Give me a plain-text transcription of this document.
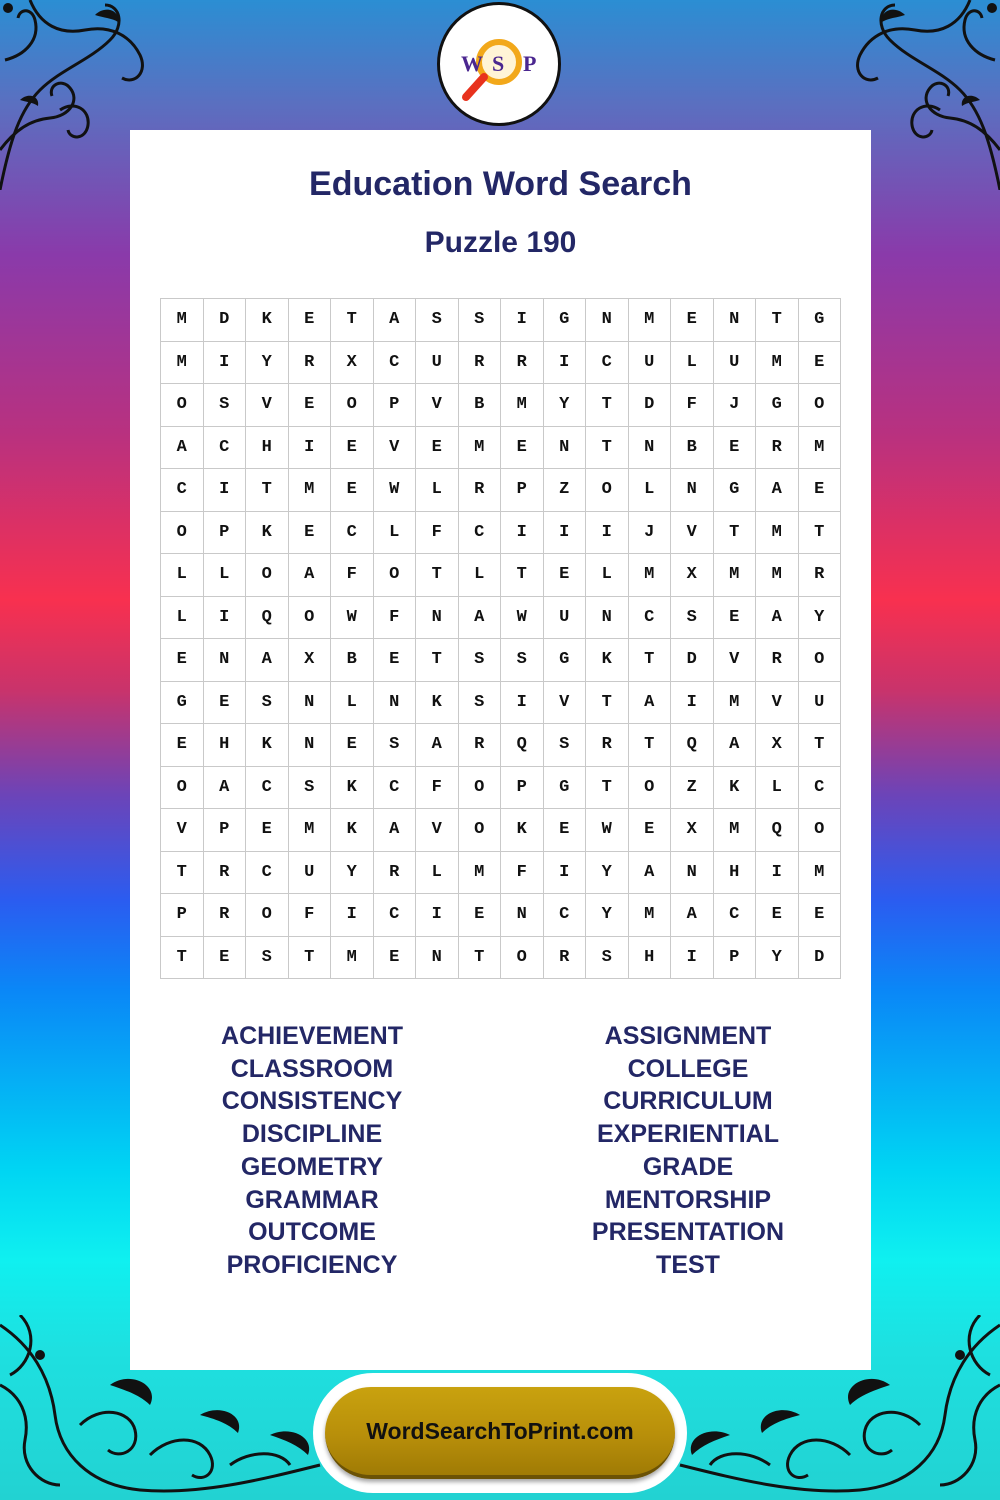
W S P
Education Word Search
Puzzle 190
M	D	K	E	T	A	S	S	I	G	N	M	E	N	T	G
M	I	Y	R	X	C	U	R	R	I	C	U	L	U	M	E
O	S	V	E	O	P	V	B	M	Y	T	D	F	J	G	O
A	C	H	I	E	V	E	M	E	N	T	N	B	E	R	M
C	I	T	M	E	W	L	R	P	Z	O	L	N	G	A	E
O	P	K	E	C	L	F	C	I	I	I	J	V	T	M	T
L	L	O	A	F	O	T	L	T	E	L	M	X	M	M	R
L	I	Q	O	W	F	N	A	W	U	N	C	S	E	A	Y
E	N	A	X	B	E	T	S	S	G	K	T	D	V	R	O
G	E	S	N	L	N	K	S	I	V	T	A	I	M	V	U
E	H	K	N	E	S	A	R	Q	S	R	T	Q	A	X	T
O	A	C	S	K	C	F	O	P	G	T	O	Z	K	L	C
V	P	E	M	K	A	V	O	K	E	W	E	X	M	Q	O
T	R	C	U	Y	R	L	M	F	I	Y	A	N	H	I	M
P	R	O	F	I	C	I	E	N	C	Y	M	A	C	E	E
T	E	S	T	M	E	N	T	O	R	S	H	I	P	Y	D
ACHIEVEMENT
CLASSROOM
CONSISTENCY
DISCIPLINE
GEOMETRY
GRAMMAR
OUTCOME
PROFICIENCY
ASSIGNMENT
COLLEGE
CURRICULUM
EXPERIENTIAL
GRADE
MENTORSHIP
PRESENTATION
TEST
WordSearchToPrint.com
